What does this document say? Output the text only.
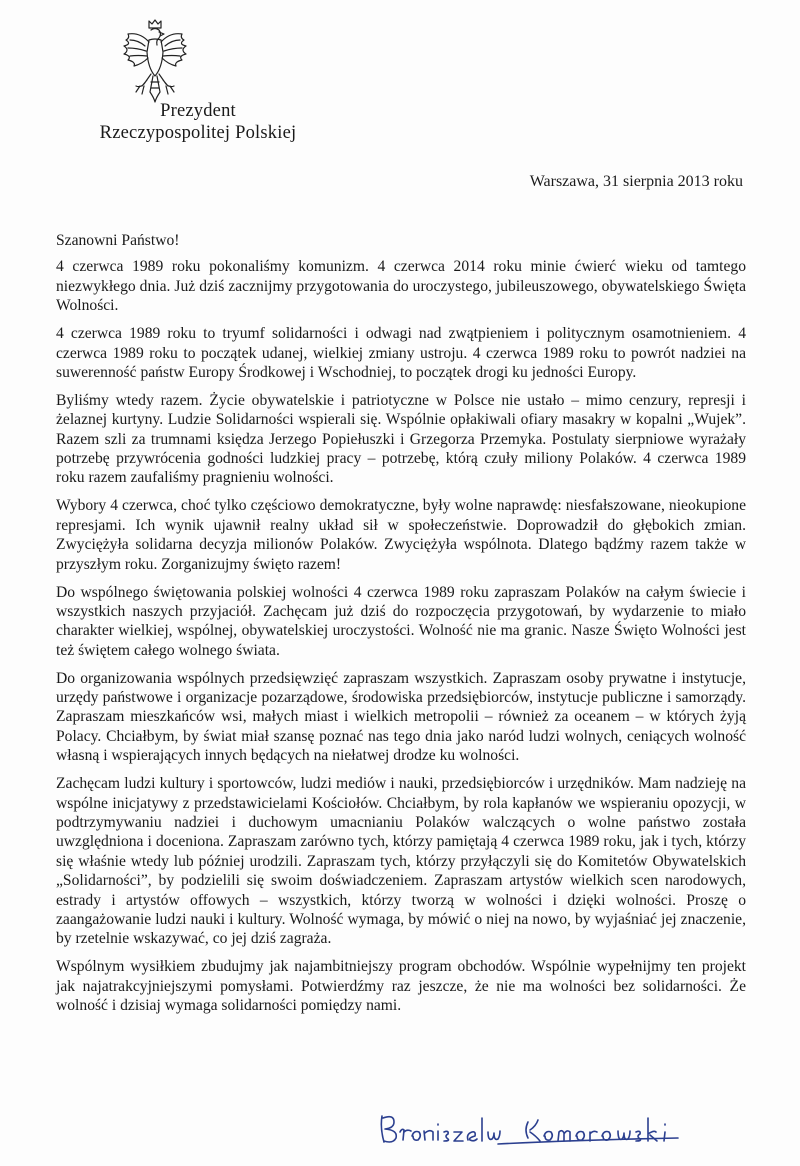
Prezydent
Rzeczypospolitej Polskiej
Warszawa, 31 sierpnia 2013 roku
Szanowni Państwo!

4 czerwca 1989 roku pokonaliśmy komunizm. 4 czerwca 2014 roku minie ćwierć wieku od tamtego niezwykłego dnia. Już dziś zacznijmy przygotowania do uroczystego, jubileuszowego, obywatelskiego Święta Wolności.

4 czerwca 1989 roku to tryumf solidarności i odwagi nad zwątpieniem i politycznym osamotnieniem. 4 czerwca 1989 roku to początek udanej, wielkiej zmiany ustroju. 4 czerwca 1989 roku to powrót nadziei na suwerenność państw Europy Środkowej i Wschodniej, to początek drogi ku jedności Europy.

Byliśmy wtedy razem. Życie obywatelskie i patriotyczne w Polsce nie ustało – mimo cenzury, represji i żelaznej kurtyny. Ludzie Solidarności wspierali się. Wspólnie opłakiwali ofiary masakry w kopalni „Wujek”. Razem szli za trumnami księdza Jerzego Popiełuszki i Grzegorza Przemyka. Postulaty sierpniowe wyrażały potrzebę przywrócenia godności ludzkiej pracy – potrzebę, którą czuły miliony Polaków. 4 czerwca 1989 roku razem zaufaliśmy pragnieniu wolności.

Wybory 4 czerwca, choć tylko częściowo demokratyczne, były wolne naprawdę: niesfałszowane, nieokupione represjami. Ich wynik ujawnił realny układ sił w społeczeństwie. Doprowadził do głębokich zmian. Zwyciężyła solidarna decyzja milionów Polaków. Zwyciężyła wspólnota. Dlatego bądźmy razem także w przyszłym roku. Zorganizujmy święto razem!

Do wspólnego świętowania polskiej wolności 4 czerwca 1989 roku zapraszam Polaków na całym świecie i wszystkich naszych przyjaciół. Zachęcam już dziś do rozpoczęcia przygotowań, by wydarzenie to miało charakter wielkiej, wspólnej, obywatelskiej uroczystości. Wolność nie ma granic. Nasze Święto Wolności jest też świętem całego wolnego świata.

Do organizowania wspólnych przedsięwzięć zapraszam wszystkich. Zapraszam osoby prywatne i instytucje, urzędy państwowe i organizacje pozarządowe, środowiska przedsiębiorców, instytucje publiczne i samorządy. Zapraszam mieszkańców wsi, małych miast i wielkich metropolii – również za oceanem – w których żyją Polacy. Chciałbym, by świat miał szansę poznać nas tego dnia jako naród ludzi wolnych, ceniących wolność własną i wspierających innych będących na niełatwej drodze ku wolności.

Zachęcam ludzi kultury i sportowców, ludzi mediów i nauki, przedsiębiorców i urzędników. Mam nadzieję na wspólne inicjatywy z przedstawicielami Kościołów. Chciałbym, by rola kapłanów we wspieraniu opozycji, w podtrzymywaniu nadziei i duchowym umacnianiu Polaków walczących o wolne państwo została uwzględniona i doceniona. Zapraszam zarówno tych, którzy pamiętają 4 czerwca 1989 roku, jak i tych, którzy się właśnie wtedy lub później urodzili. Zapraszam tych, którzy przyłączyli się do Komitetów Obywatelskich „Solidarności”, by podzielili się swoim doświadczeniem. Zapraszam artystów wielkich scen narodowych, estrady i artystów offowych – wszystkich, którzy tworzą w wolności i dzięki wolności. Proszę o zaangażowanie ludzi nauki i kultury. Wolność wymaga, by mówić o niej na nowo, by wyjaśniać jej znaczenie, by rzetelnie wskazywać, co jej dziś zagraża.

Wspólnym wysiłkiem zbudujmy jak najambitniejszy program obchodów. Wspólnie wypełnijmy ten projekt jak najatrakcyjniejszymi pomysłami. Potwierdźmy raz jeszcze, że nie ma wolności bez solidarności. Że wolność i dzisiaj wymaga solidarności pomiędzy nami.
